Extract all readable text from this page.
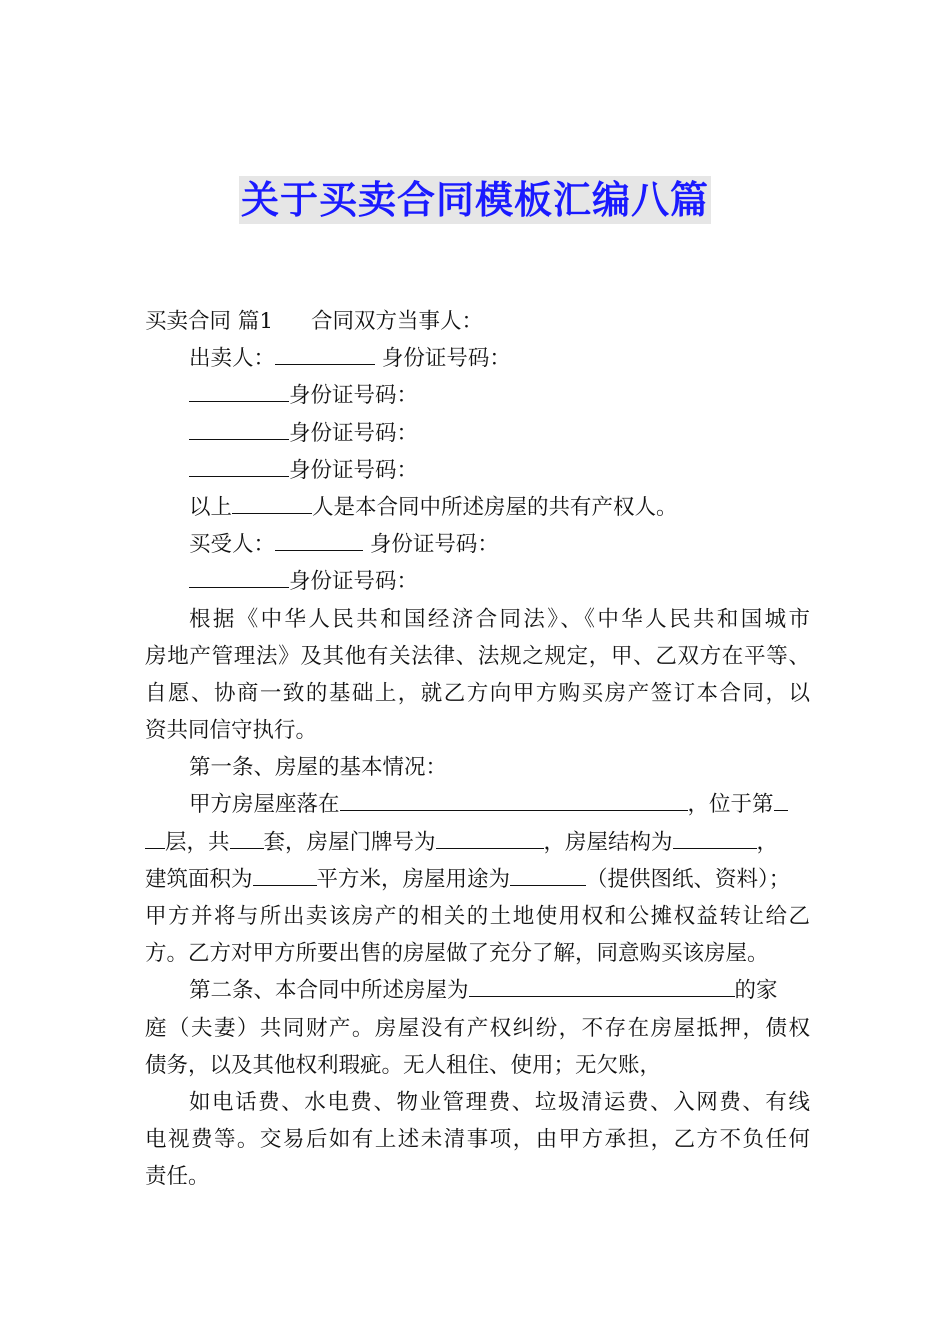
关于买卖合同模板汇编八篇
买卖合同 篇1 合同双方当事人：
出卖人：	身份证号码：
身份证号码：
身份证号码：
身份证号码：
以上	人是本合同中所述房屋的共有产权人。
买受人：	身份证号码：
身份证号码：
根据《中华人民共和国经济合同法》、《中华人民共和国城市
房地产管理法》及其他有关法律、法规之规定，甲、乙双方在平等、
自愿、协商一致的基础上，就乙方向甲方购买房产签订本合同，以
资共同信守执行。
第一条、房屋的基本情况：
甲方房屋座落在	，位于第
层，共 套，房屋门牌号为	，房屋结构为	，
建筑面积为	平方米，房屋用途为	（提供图纸、资料）；
甲方并将与所出卖该房产的相关的土地使用权和公摊权益转让给乙
方。乙方对甲方所要出售的房屋做了充分了解，同意购买该房屋。
第二条、本合同中所述房屋为	的家
庭（夫妻）共同财产。房屋没有产权纠纷，不存在房屋抵押，债权
债务，以及其他权利瑕疵。无人租住、使用；无欠账，
如电话费、水电费、物业管理费、垃圾清运费、入网费、有线
电视费等。交易后如有上述未清事项，由甲方承担，乙方不负任何
责任。
